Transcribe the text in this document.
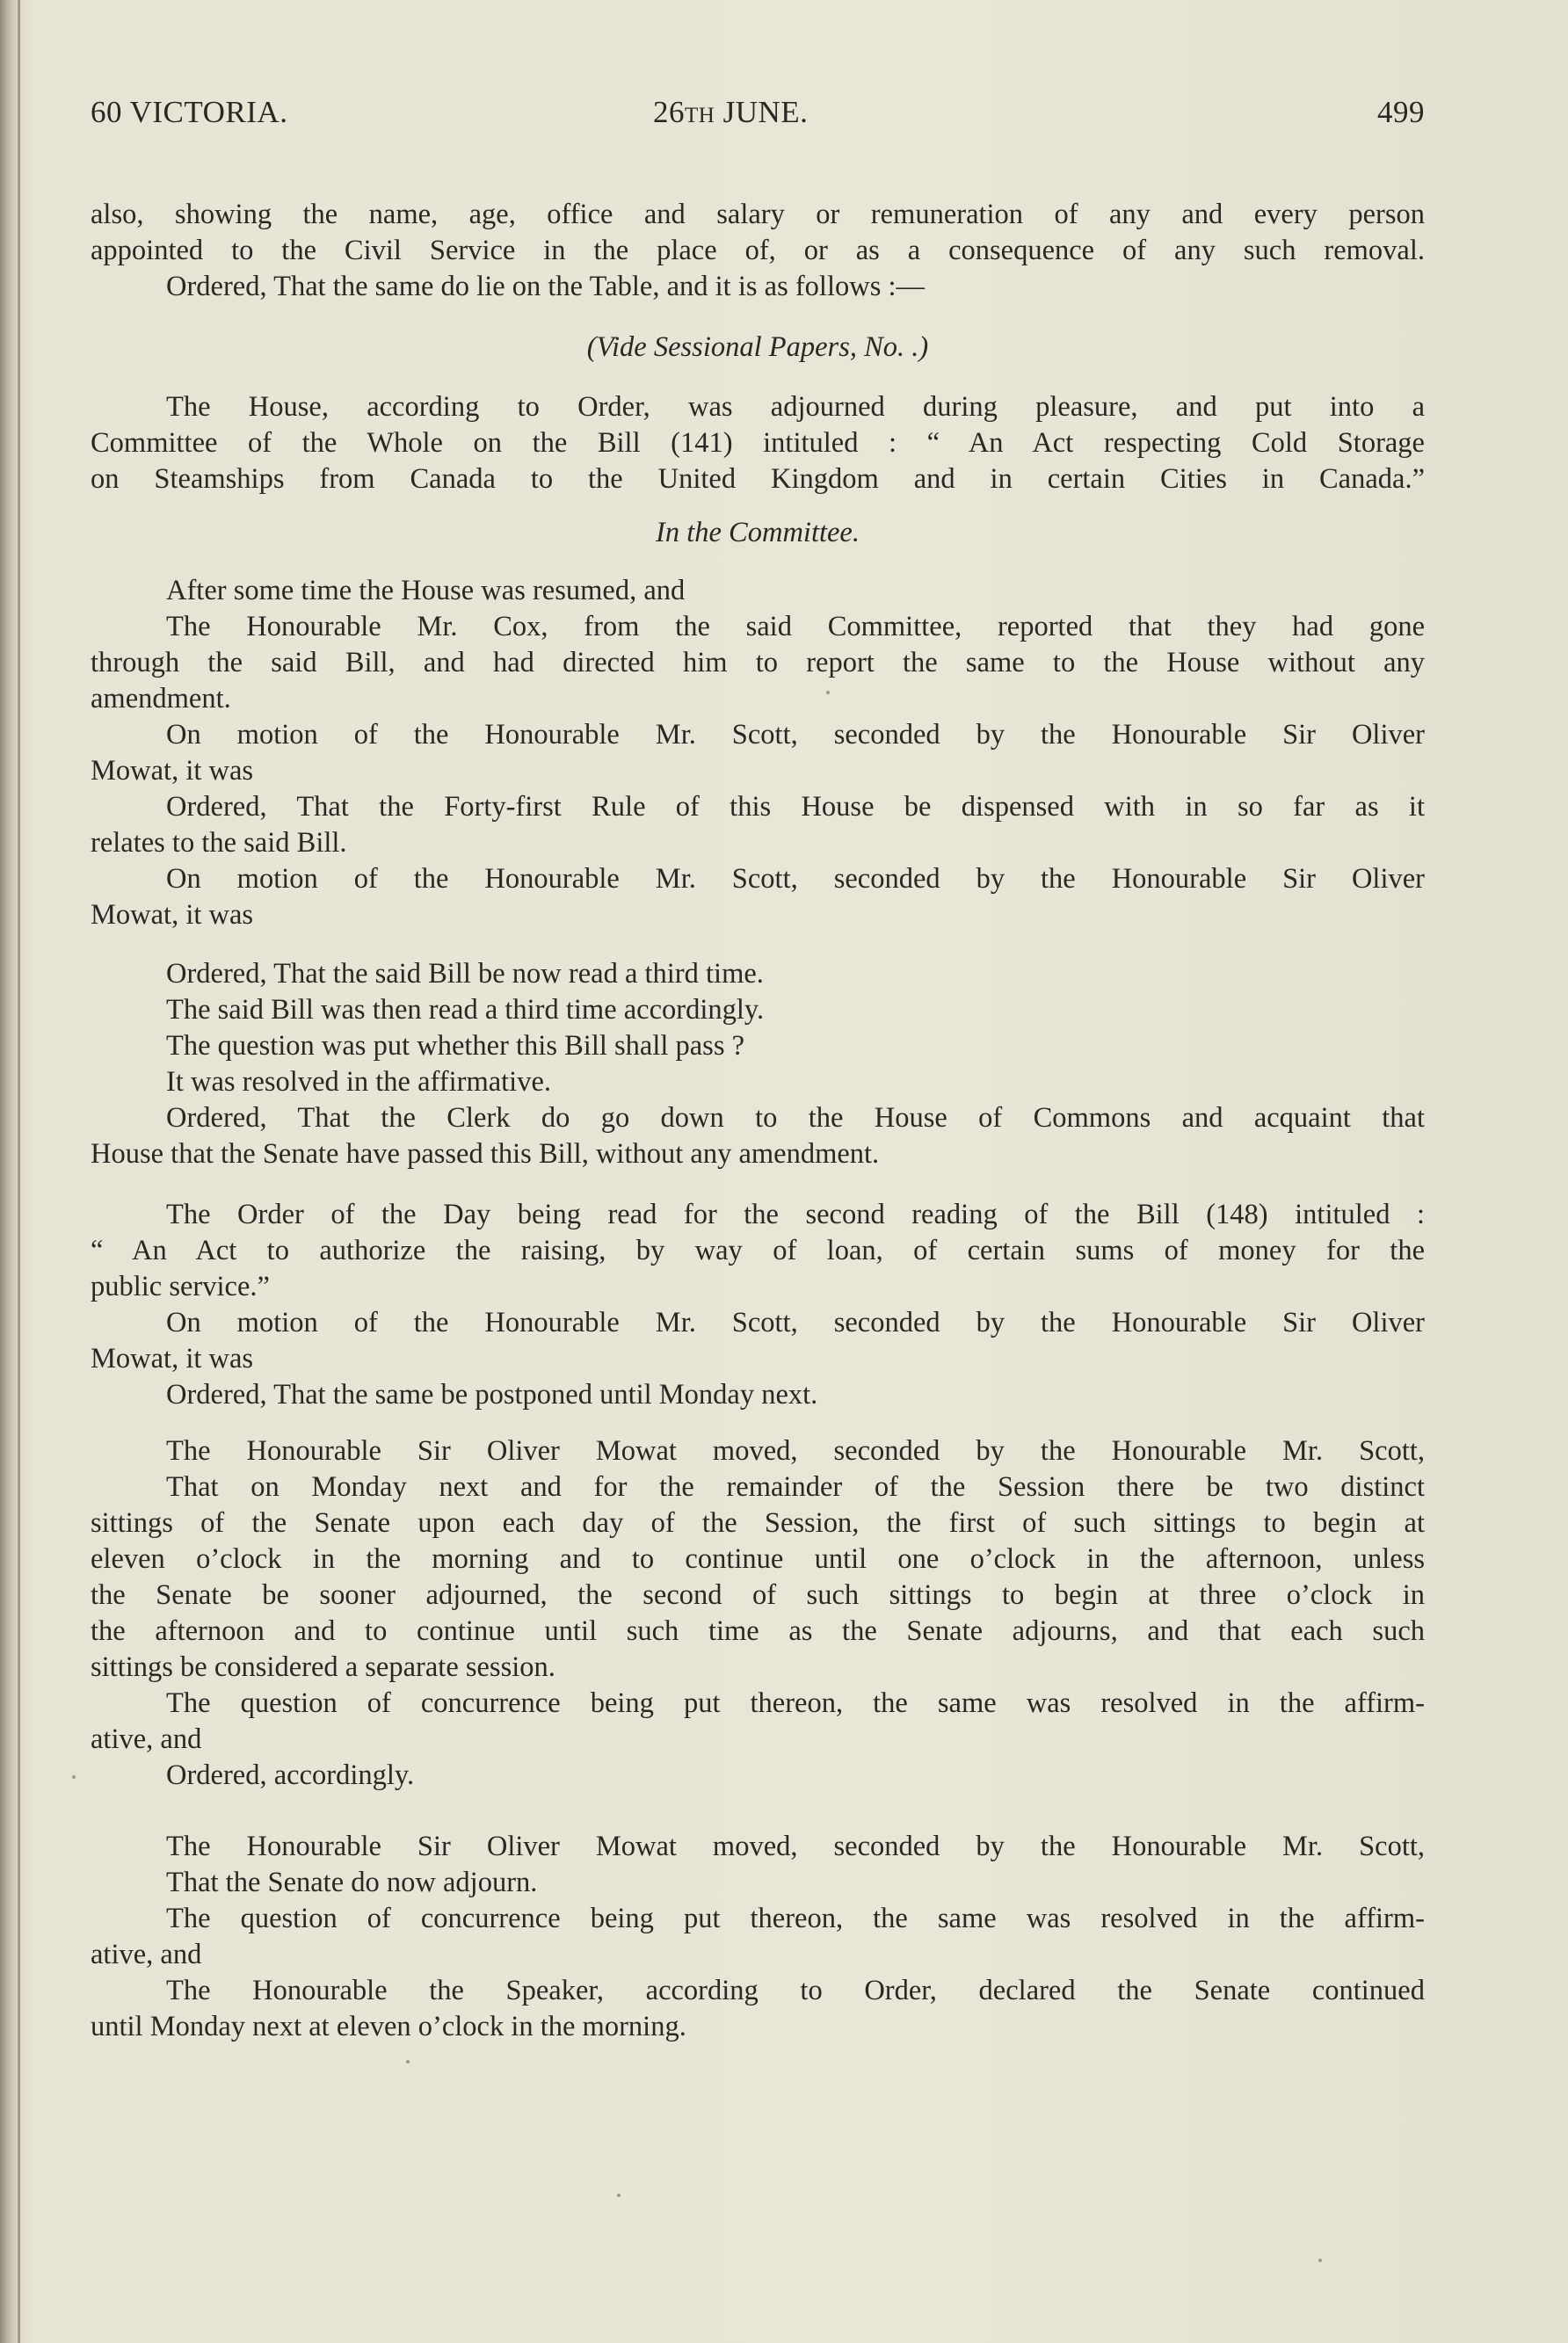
60 VICTORIA.	26TH JUNE.	499
also, showing the name, age, office and salary or remuneration of any and every person
appointed to the Civil Service in the place of, or as a consequence of any such removal.
Ordered, That the same do lie on the Table, and it is as follows :—
(Vide Sessional Papers, No. .)
The House, according to Order, was adjourned during pleasure, and put into a
Committee of the Whole on the Bill (141) intituled : “ An Act respecting Cold Storage
on Steamships from Canada to the United Kingdom and in certain Cities in Canada.”
In the Committee.
After some time the House was resumed, and
The Honourable Mr. Cox, from the said Committee, reported that they had gone
through the said Bill, and had directed him to report the same to the House without any
amendment.
On motion of the Honourable Mr. Scott, seconded by the Honourable Sir Oliver
Mowat, it was
Ordered, That the Forty-first Rule of this House be dispensed with in so far as it
relates to the said Bill.
On motion of the Honourable Mr. Scott, seconded by the Honourable Sir Oliver
Mowat, it was
Ordered, That the said Bill be now read a third time.
The said Bill was then read a third time accordingly.
The question was put whether this Bill shall pass ?
It was resolved in the affirmative.
Ordered, That the Clerk do go down to the House of Commons and acquaint that
House that the Senate have passed this Bill, without any amendment.
The Order of the Day being read for the second reading of the Bill (148) intituled :
“ An Act to authorize the raising, by way of loan, of certain sums of money for the
public service.”
On motion of the Honourable Mr. Scott, seconded by the Honourable Sir Oliver
Mowat, it was
Ordered, That the same be postponed until Monday next.
The Honourable Sir Oliver Mowat moved, seconded by the Honourable Mr. Scott,
That on Monday next and for the remainder of the Session there be two distinct
sittings of the Senate upon each day of the Session, the first of such sittings to begin at
eleven o’clock in the morning and to continue until one o’clock in the afternoon, unless
the Senate be sooner adjourned, the second of such sittings to begin at three o’clock in
the afternoon and to continue until such time as the Senate adjourns, and that each such
sittings be considered a separate session.
The question of concurrence being put thereon, the same was resolved in the affirm-
ative, and
Ordered, accordingly.
The Honourable Sir Oliver Mowat moved, seconded by the Honourable Mr. Scott,
That the Senate do now adjourn.
The question of concurrence being put thereon, the same was resolved in the affirm-
ative, and
The Honourable the Speaker, according to Order, declared the Senate continued
until Monday next at eleven o’clock in the morning.
